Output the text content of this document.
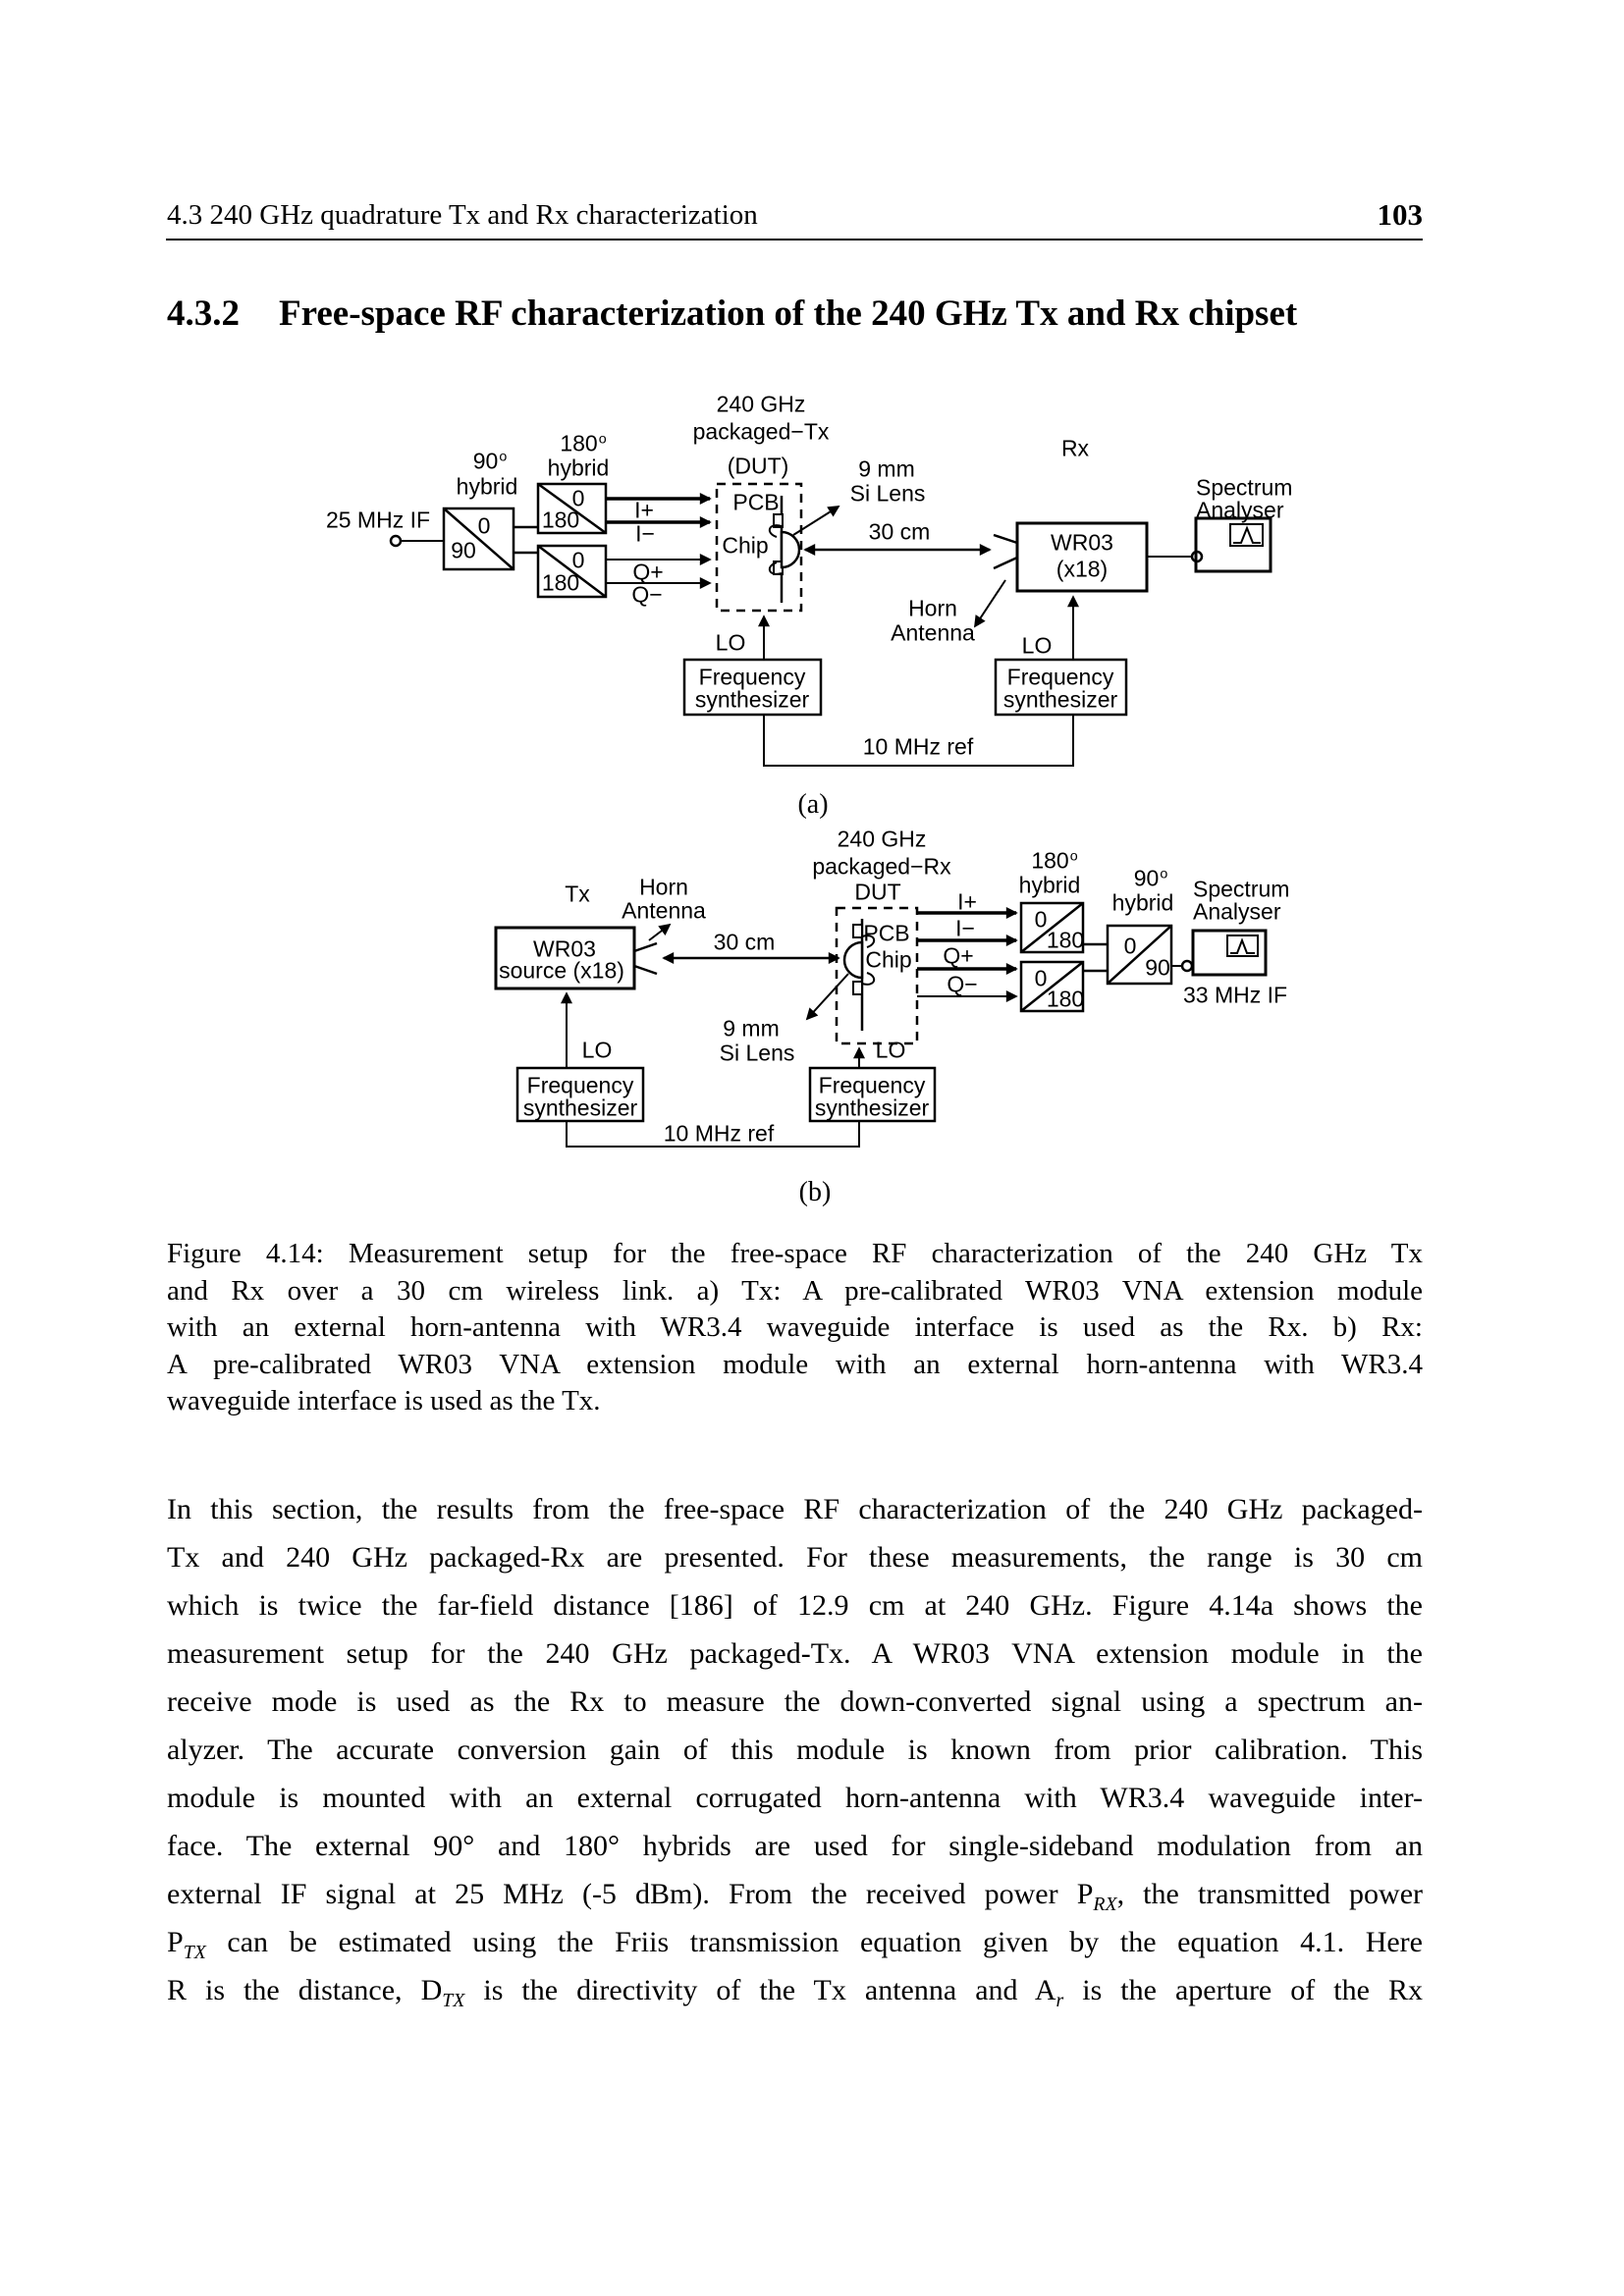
4.3 240 GHz quadrature Tx and Rx characterization	103
4.3.2 Free-space RF characterization of the 240 GHz Tx and Rx chipset
240 GHz
packaged−Tx
(DUT)
180$^o$
hybrid
90$^o$
hybrid
25 MHz IF 0
90
0
180
0
180
I+
I−
Q+
Q−
PCB
Chip
9 mm
Si Lens
30 cm
Rx
Horn
Antenna
WR03
(x18)
Spectrum
Analyser
LO	LO
Frequency
synthesizer
Frequency
synthesizer
10 MHz ref
(a)
Tx Horn
Antenna
240 GHz
packaged−Rx
DUT
30 cm
WR03
source (x18)
PCB
Chip
9 mm
Si Lens
I+
I−
Q+
Q−
$180^o$
hybrid
0
180
0
180
90$^o$
hybrid
0
90
Spectrum
Analyser
33 MHz IF
LO	LO
Frequency
synthesizer
Frequency
synthesizer
10 MHz ref
(b)
Figure 4.14: Measurement setup for the free-space RF characterization of the 240 GHz Tx
and Rx over a 30 cm wireless link. a) Tx: A pre-calibrated WR03 VNA extension module
with an external horn-antenna with WR3.4 waveguide interface is used as the Rx. b) Rx:
A pre-calibrated WR03 VNA extension module with an external horn-antenna with WR3.4
waveguide interface is used as the Tx.
In this section, the results from the free-space RF characterization of the 240 GHz packaged-
Tx and 240 GHz packaged-Rx are presented. For these measurements, the range is 30 cm
which is twice the far-field distance [186] of 12.9 cm at 240 GHz. Figure 4.14a shows the
measurement setup for the 240 GHz packaged-Tx. A WR03 VNA extension module in the
receive mode is used as the Rx to measure the down-converted signal using a spectrum an-
alyzer. The accurate conversion gain of this module is known from prior calibration. This
module is mounted with an external corrugated horn-antenna with WR3.4 waveguide inter-
face. The external 90° and 180° hybrids are used for single-sideband modulation from an
external IF signal at 25 MHz (-5 dBm). From the received power $P_{RX}$, the transmitted power
$P_{TX}$ can be estimated using the Friis transmission equation given by the equation 4.1. Here
R is the distance, $D_{TX}$ is the directivity of the Tx antenna and $A_r$ is the aperture of the Rx
